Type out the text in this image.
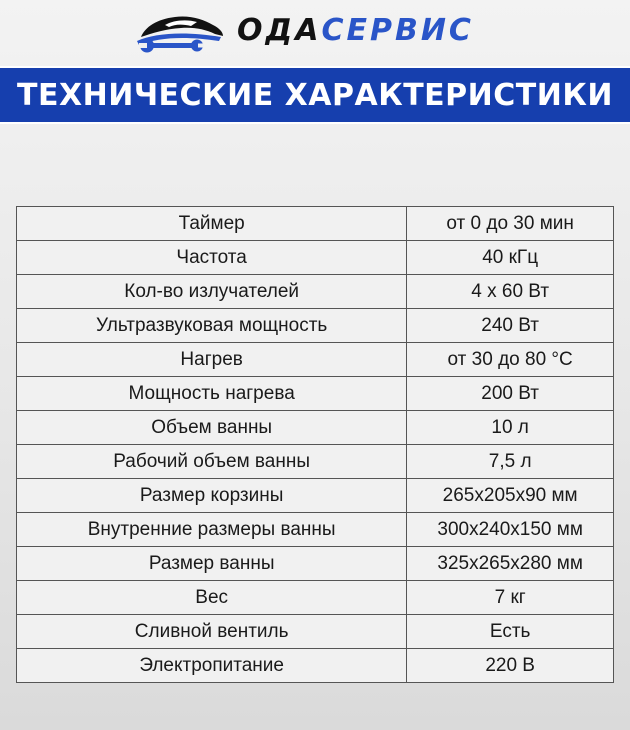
ОДАСЕРВИС
ТЕХНИЧЕСКИЕ ХАРАКТЕРИСТИКИ
Таймер	от 0 до 30 мин
Частота	40 кГц
Кол-во излучателей	4 х 60 Вт
Ультразвуковая мощность	240 Вт
Нагрев	от 30 до 80 °С
Мощность нагрева	200 Вт
Объем ванны	10 л
Рабочий объем ванны	7,5 л
Размер корзины	265х205х90 мм
Внутренние размеры ванны	300х240х150 мм
Размер ванны	325х265х280 мм
Вес	7 кг
Сливной вентиль	Есть
Электропитание	220 В
